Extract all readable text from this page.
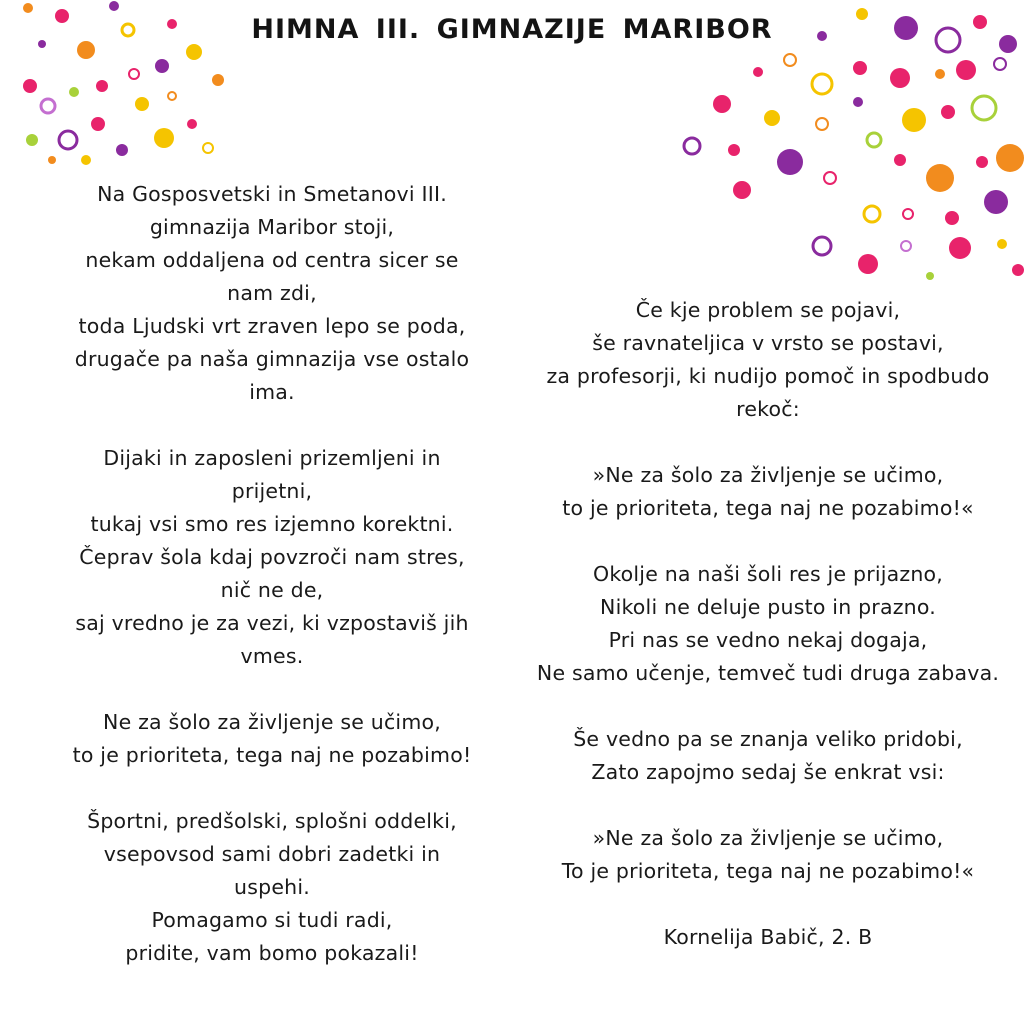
HIMNA III. GIMNAZIJE MARIBOR
Na Gosposvetski in Smetanovi III.
gimnazija Maribor stoji,
nekam oddaljena od centra sicer se
nam zdi,
toda Ljudski vrt zraven lepo se poda,
drugače pa naša gimnazija vse ostalo
ima.
Dijaki in zaposleni prizemljeni in
prijetni,
tukaj vsi smo res izjemno korektni.
Čeprav šola kdaj povzroči nam stres,
nič ne de,
saj vredno je za vezi, ki vzpostaviš jih
vmes.
Ne za šolo za življenje se učimo,
to je prioriteta, tega naj ne pozabimo!
Športni, predšolski, splošni oddelki,
vsepovsod sami dobri zadetki in
uspehi.
Pomagamo si tudi radi,
pridite, vam bomo pokazali!
Če kje problem se pojavi,
še ravnateljica v vrsto se postavi,
za profesorji, ki nudijo pomoč in spodbudo
rekoč:
»Ne za šolo za življenje se učimo,
to je prioriteta, tega naj ne pozabimo!«
Okolje na naši šoli res je prijazno,
Nikoli ne deluje pusto in prazno.
Pri nas se vedno nekaj dogaja,
Ne samo učenje, temveč tudi druga zabava.
Še vedno pa se znanja veliko pridobi,
Zato zapojmo sedaj še enkrat vsi:
»Ne za šolo za življenje se učimo,
To je prioriteta, tega naj ne pozabimo!«
Kornelija Babič, 2. B
